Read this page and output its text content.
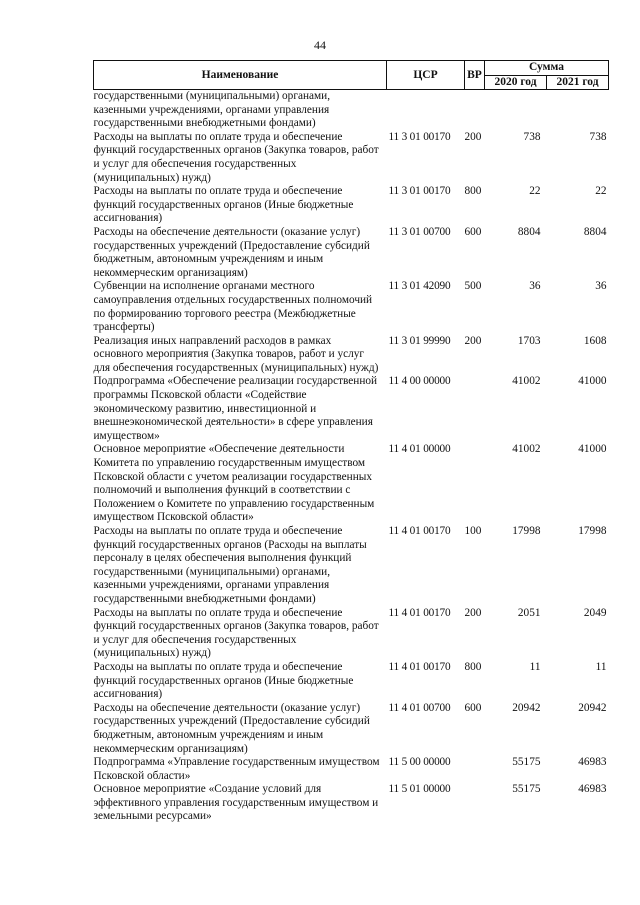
44
Наименование	ЦСР	ВР	Сумма	
			2020 год	2021 год
государственными (муниципальными) органами, казенными учреждениями, органами управления государственными внебюджетными фондами)				
Расходы на выплаты по оплате труда и обеспечение функций государственных органов (Закупка товаров, работ и услуг для обеспечения государственных (муниципальных) нужд)	11 3 01 00170	200	738	738
Расходы на выплаты по оплате труда и обеспечение функций государственных органов (Иные бюджетные ассигнования)	11 3 01 00170	800	22	22
Расходы на обеспечение деятельности (оказание услуг) государственных учреждений (Предоставление субсидий бюджетным, автономным учреждениям и иным некоммерческим организациям)	11 3 01 00700	600	8804	8804
Субвенции на исполнение органами местного самоуправления отдельных государственных полномочий по формированию торгового реестра (Межбюджетные трансферты)	11 3 01 42090	500	36	36
Реализация иных направлений расходов в рамках основного мероприятия (Закупка товаров, работ и услуг для обеспечения государственных (муниципальных) нужд)	11 3 01 99990	200	1703	1608
Подпрограмма «Обеспечение реализации государственной программы Псковской области «Содействие экономическому развитию, инвестиционной и внешнеэкономической деятельности» в сфере управления имуществом»	11 4 00 00000		41002	41000
Основное мероприятие «Обеспечение деятельности Комитета по управлению государственным имуществом Псковской области с учетом реализации государственных полномочий и выполнения функций в соответствии с Положением о Комитете по управлению государственным имуществом Псковской области»	11 4 01 00000		41002	41000
Расходы на выплаты по оплате труда и обеспечение функций государственных органов (Расходы на выплаты персоналу в целях обеспечения выполнения функций государственными (муниципальными) органами, казенными учреждениями, органами управления государственными внебюджетными фондами)	11 4 01 00170	100	17998	17998
Расходы на выплаты по оплате труда и обеспечение функций государственных органов (Закупка товаров, работ и услуг для обеспечения государственных (муниципальных) нужд)	11 4 01 00170	200	2051	2049
Расходы на выплаты по оплате труда и обеспечение функций государственных органов (Иные бюджетные ассигнования)	11 4 01 00170	800	11	11
Расходы на обеспечение деятельности (оказание услуг) государственных учреждений (Предоставление субсидий бюджетным, автономным учреждениям и иным некоммерческим организациям)	11 4 01 00700	600	20942	20942
Подпрограмма «Управление государственным имуществом Псковской области»	11 5 00 00000		55175	46983
Основное мероприятие «Создание условий для эффективного управления государственным имуществом и земельными ресурсами»	11 5 01 00000		55175	46983
